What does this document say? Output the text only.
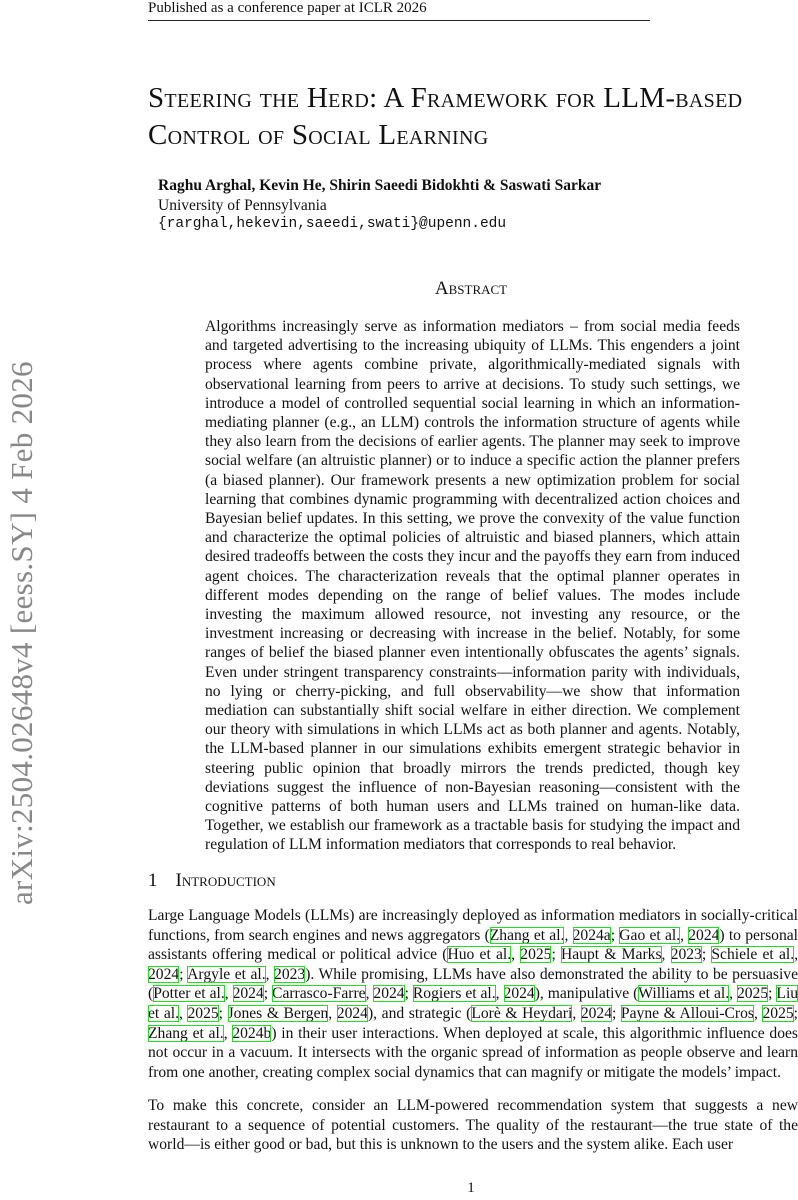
Published as a conference paper at ICLR 2026
arXiv:2504.02648v4 [eess.SY] 4 Feb 2026
Steering the Herd: A Framework for LLM-based Control of Social Learning
Raghu Arghal, Kevin He, Shirin Saeedi Bidokhti & Saswati Sarkar
University of Pennsylvania
{rarghal,hekevin,saeedi,swati}@upenn.edu
Abstract
Algorithms increasingly serve as information mediators – from social media feeds and targeted advertising to the increasing ubiquity of LLMs. This engenders a joint process where agents combine private, algorithmically-mediated signals with observational learning from peers to arrive at decisions. To study such settings, we introduce a model of controlled sequential social learning in which an information-mediating planner (e.g., an LLM) controls the information structure of agents while they also learn from the decisions of earlier agents. The planner may seek to improve social welfare (an altruistic planner) or to induce a specific action the planner prefers (a biased planner). Our framework presents a new optimization problem for social learning that combines dynamic programming with decentralized action choices and Bayesian belief updates. In this setting, we prove the convexity of the value function and characterize the optimal policies of altruistic and biased planners, which attain desired tradeoffs between the costs they incur and the payoffs they earn from induced agent choices. The characterization reveals that the optimal planner operates in different modes depending on the range of belief values. The modes include investing the maximum allowed resource, not investing any resource, or the investment increasing or decreasing with increase in the belief. Notably, for some ranges of belief the biased planner even intentionally obfuscates the agents’ signals. Even under stringent transparency constraints—information parity with individuals, no lying or cherry-picking, and full observability—we show that information mediation can substantially shift social welfare in either direction. We complement our theory with simulations in which LLMs act as both planner and agents. Notably, the LLM-based planner in our simulations exhibits emergent strategic behavior in steering public opinion that broadly mirrors the trends predicted, though key deviations suggest the influence of non-Bayesian reasoning—consistent with the cognitive patterns of both human users and LLMs trained on human-like data. Together, we establish our framework as a tractable basis for studying the impact and regulation of LLM information mediators that corresponds to real behavior.
1 Introduction
Large Language Models (LLMs) are increasingly deployed as information mediators in socially-critical functions, from search engines and news aggregators (Zhang et al., 2024a; Gao et al., 2024) to personal assistants offering medical or political advice (Huo et al., 2025; Haupt & Marks, 2023; Schiele et al., 2024; Argyle et al., 2023). While promising, LLMs have also demonstrated the ability to be persuasive (Potter et al., 2024; Carrasco-Farre, 2024; Rogiers et al., 2024), manipulative (Williams et al., 2025; Liu et al., 2025; Jones & Bergen, 2024), and strategic (Lorè & Heydari, 2024; Payne & Alloui-Cros, 2025; Zhang et al., 2024b) in their user interactions. When deployed at scale, this algorithmic influence does not occur in a vacuum. It intersects with the organic spread of information as people observe and learn from one another, creating complex social dynamics that can magnify or mitigate the models’ impact.
To make this concrete, consider an LLM-powered recommendation system that suggests a new restaurant to a sequence of potential customers. The quality of the restaurant—the true state of the world—is either good or bad, but this is unknown to the users and the system alike. Each user
1
